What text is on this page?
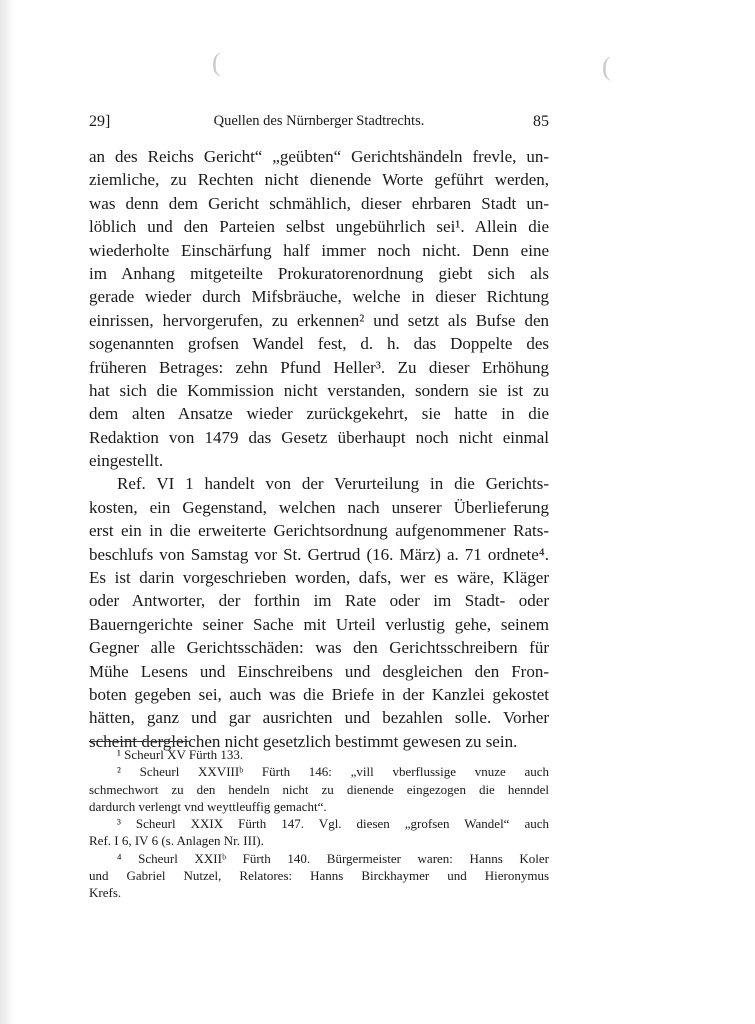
(	(
29]	Quellen des Nürnberger Stadtrechts.	85
an des Reichs Gericht“ „geübten“ Gerichtshändeln frevle, un-
ziemliche, zu Rechten nicht dienende Worte geführt werden,
was denn dem Gericht schmählich, dieser ehrbaren Stadt un-
löblich und den Parteien selbst ungebührlich sei¹. Allein die
wiederholte Einschärfung half immer noch nicht. Denn eine
im Anhang mitgeteilte Prokuratorenordnung giebt sich als
gerade wieder durch Mifsbräuche, welche in dieser Richtung
einrissen, hervorgerufen, zu erkennen² und setzt als Bufse den
sogenannten grofsen Wandel fest, d. h. das Doppelte des
früheren Betrages: zehn Pfund Heller³. Zu dieser Erhöhung
hat sich die Kommission nicht verstanden, sondern sie ist zu
dem alten Ansatze wieder zurückgekehrt, sie hatte in die
Redaktion von 1479 das Gesetz überhaupt noch nicht einmal
eingestellt.
Ref. VI 1 handelt von der Verurteilung in die Gerichts-
kosten, ein Gegenstand, welchen nach unserer Überlieferung
erst ein in die erweiterte Gerichtsordnung aufgenommener Rats-
beschlufs von Samstag vor St. Gertrud (16. März) a. 71 ordnete⁴.
Es ist darin vorgeschrieben worden, dafs, wer es wäre, Kläger
oder Antworter, der forthin im Rate oder im Stadt- oder
Bauerngerichte seiner Sache mit Urteil verlustig gehe, seinem
Gegner alle Gerichtsschäden: was den Gerichtsschreibern für
Mühe Lesens und Einschreibens und desgleichen den Fron-
boten gegeben sei, auch was die Briefe in der Kanzlei gekostet
hätten, ganz und gar ausrichten und bezahlen solle. Vorher
scheint dergleichen nicht gesetzlich bestimmt gewesen zu sein.
¹ Scheurl XV Fürth 133.
² Scheurl XXVIIIᵇ Fürth 146: „vill vberflussige vnuze auch
schmechwort zu den hendeln nicht zu dienende eingezogen die henndel
dardurch verlengt vnd weyttleuffig gemacht“.
³ Scheurl XXIX Fürth 147. Vgl. diesen „grofsen Wandel“ auch
Ref. I 6, IV 6 (s. Anlagen Nr. III).
⁴ Scheurl XXIIᵇ Fürth 140. Bürgermeister waren: Hanns Koler
und Gabriel Nutzel, Relatores: Hanns Birckhaymer und Hieronymus
Krefs.
